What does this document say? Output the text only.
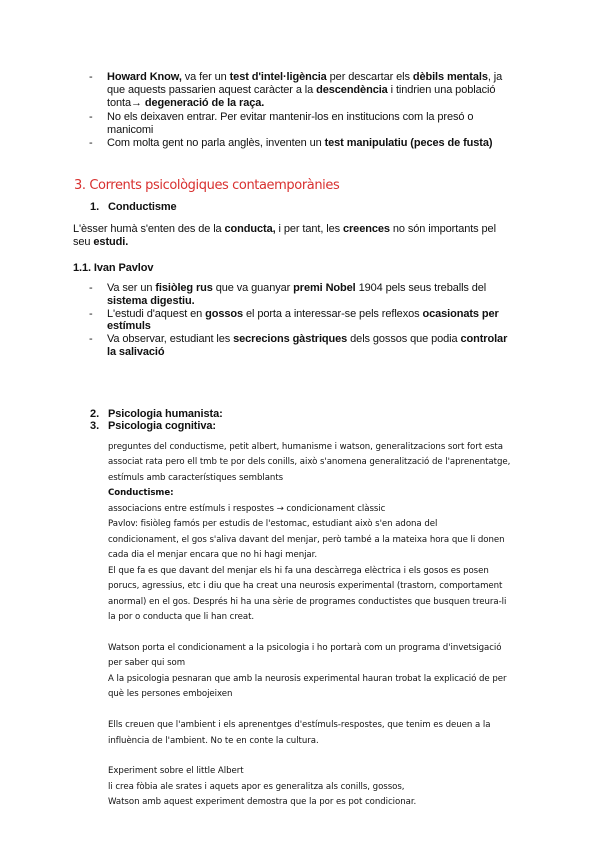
- Howard Know, va fer un test d'intel·ligència per descartar els dèbils mentals, ja
que aquests passarien aquest caràcter a la descendència i tindrien una població
tonta→ degeneració de la raça.
- No els deixaven entrar. Per evitar mantenir-los en institucions com la presó o
manicomi
- Com molta gent no parla anglès, inventen un test manipulatiu (peces de fusta)
3. Corrents psicològiques contaemporànies
1. Conductisme
L'èsser humà s'enten des de la conducta, i per tant, les creences no són importants pel
seu estudi.
1.1. Ivan Pavlov
- Va ser un fisiòleg rus que va guanyar premi Nobel 1904 pels seus treballs del
sistema digestiu.
- L'estudi d'aquest en gossos el porta a interessar-se pels reflexos ocasionats per
estímuls
- Va observar, estudiant les secrecions gàstriques dels gossos que podia controlar
la salivació
2. Psicologia humanista:
3. Psicologia cognitiva:
preguntes del conductisme, petit albert, humanisme i watson, generalitzacions sort fort esta
associat rata pero ell tmb te por dels conills, això s'anomena generalització de l'aprenentatge,
estímuls amb característiques semblants
Conductisme:
associacions entre estímuls i respostes → condicionament clàssic
Pavlov: fisiòleg famós per estudis de l'estomac, estudiant això s'en adona del
condicionament, el gos s'aliva davant del menjar, però també a la mateixa hora que li donen
cada dia el menjar encara que no hi hagi menjar.
El que fa es que davant del menjar els hi fa una descàrrega elèctrica i els gosos es posen
porucs, agressius, etc i diu que ha creat una neurosis experimental (trastorn, comportament
anormal) en el gos. Després hi ha una sèrie de programes conductistes que busquen treura-li
la por o conducta que li han creat.
Watson porta el condicionament a la psicologia i ho portarà com un programa d'invetsigació
per saber qui som
A la psicologia pesnaran que amb la neurosis experimental hauran trobat la explicació de per
què les persones embojeixen
Ells creuen que l'ambient i els aprenentges d'estímuls-respostes, que tenim es deuen a la
influència de l'ambient. No te en conte la cultura.
Experiment sobre el little Albert
li crea fòbia ale srates i aquets apor es generalitza als conills, gossos,
Watson amb aquest experiment demostra que la por es pot condicionar.
